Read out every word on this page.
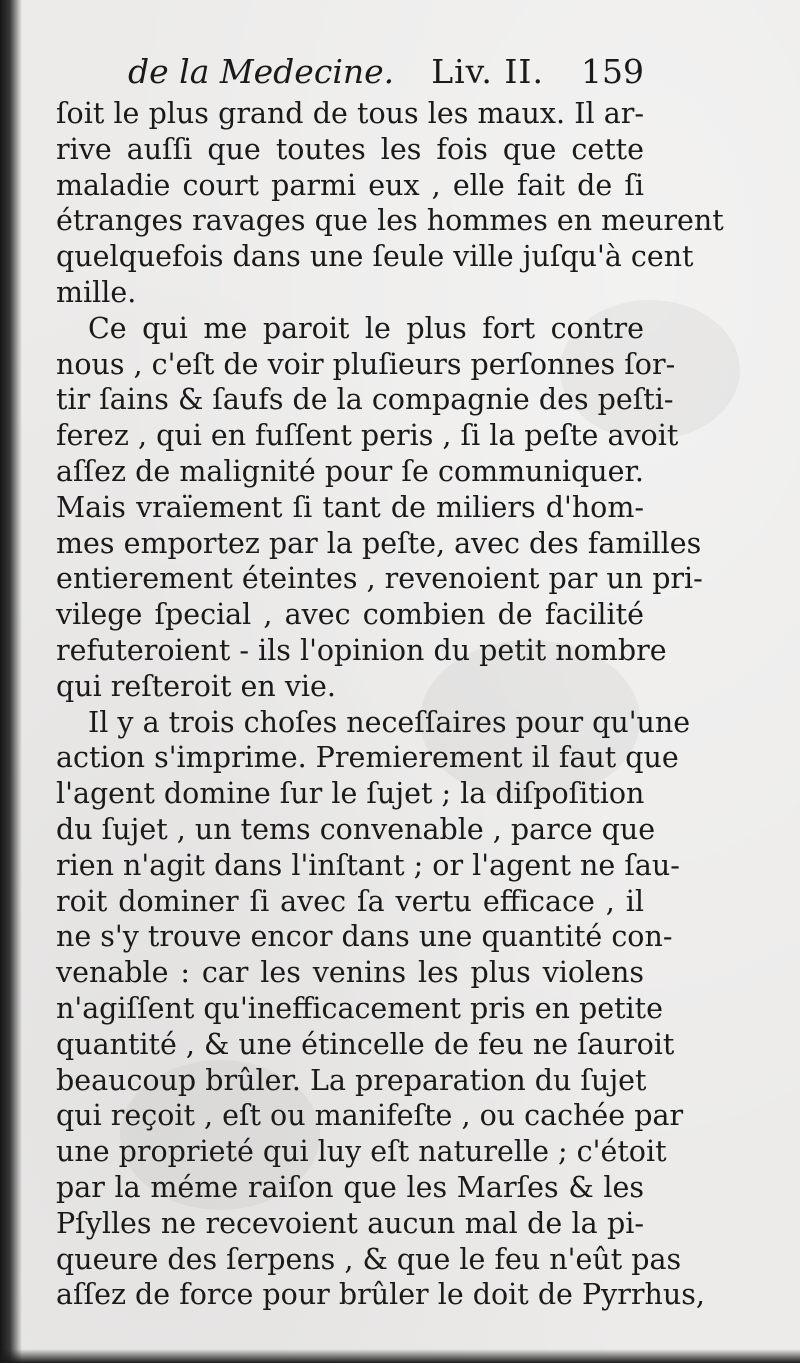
de la Medecine. Liv. II. 159
ſoit le plus grand de tous les maux. Il ar-
rive auſſi que toutes les fois que cette
maladie court parmi eux , elle fait de ſi
étranges ravages que les hommes en meurent
quelquefois dans une ſeule ville juſqu'à cent
mille.
Ce qui me paroit le plus fort contre
nous , c'eſt de voir pluſieurs perſonnes ſor-
tir ſains & ſaufs de la compagnie des peſti-
ferez , qui en fuſſent peris , ſi la peſte avoit
aſſez de malignité pour ſe communiquer.
Mais vraïement ſi tant de miliers d'hom-
mes emportez par la peſte, avec des familles
entierement éteintes , revenoient par un pri-
vilege ſpecial , avec combien de facilité
refuteroient - ils l'opinion du petit nombre
qui reſteroit en vie.
Il y a trois choſes neceſſaires pour qu'une
action s'imprime. Premierement il faut que
l'agent domine ſur le ſujet ; la diſpoſition
du ſujet , un tems convenable , parce que
rien n'agit dans l'inſtant ; or l'agent ne ſau-
roit dominer ſi avec ſa vertu efficace , il
ne s'y trouve encor dans une quantité con-
venable : car les venins les plus violens
n'agiſſent qu'inefficacement pris en petite
quantité , & une étincelle de feu ne ſauroit
beaucoup brûler. La preparation du ſujet
qui reçoit , eſt ou manifeſte , ou cachée par
une proprieté qui luy eſt naturelle ; c'étoit
par la méme raiſon que les Marſes & les
Pſylles ne recevoient aucun mal de la pi-
queure des ſerpens , & que le feu n'eût pas
aſſez de force pour brûler le doit de Pyrrhus,
